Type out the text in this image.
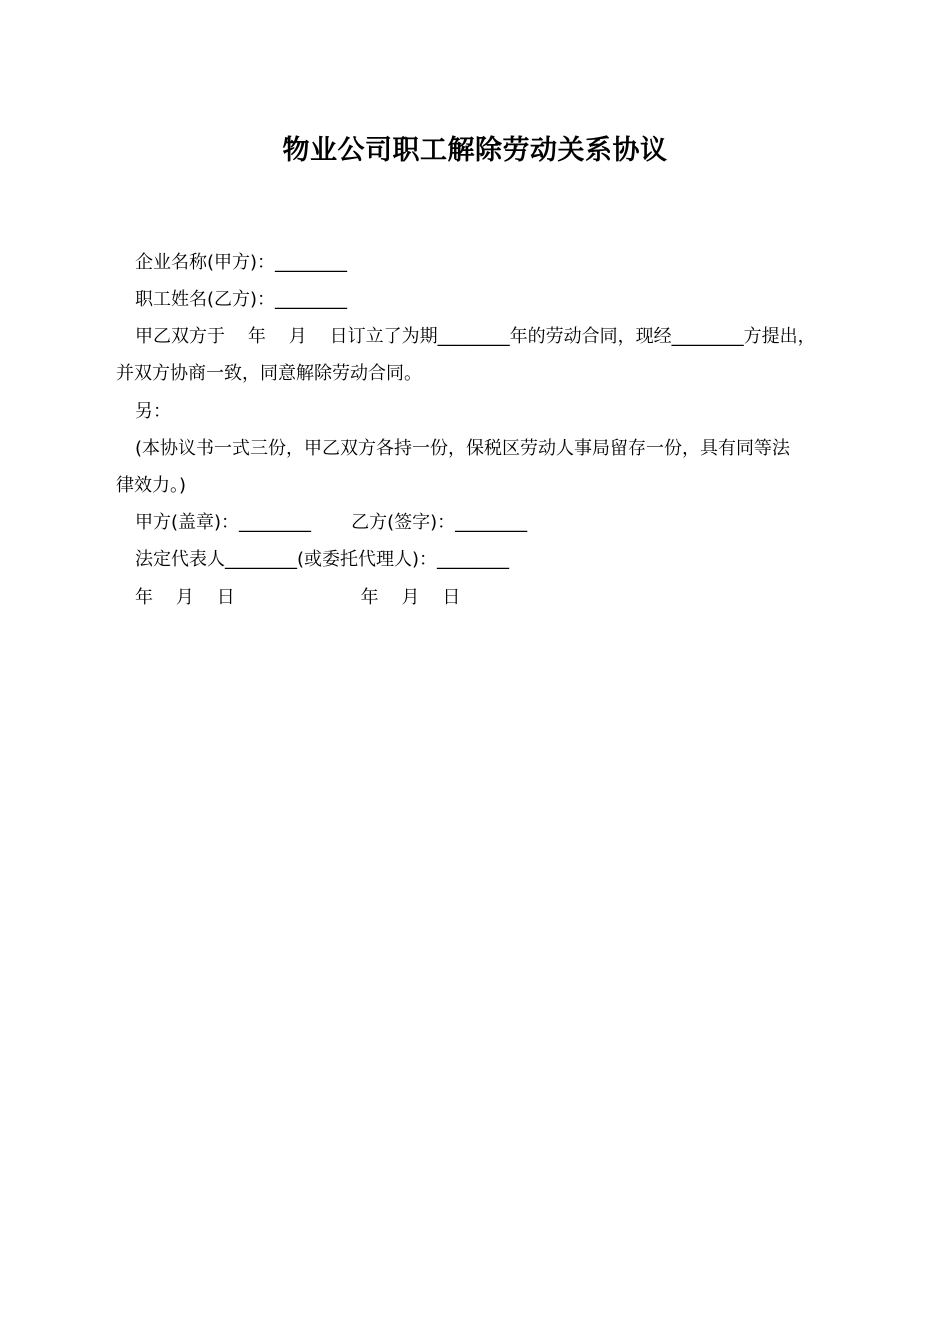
物业公司职工解除劳动关系协议
企业名称(甲方)：________
职工姓名(乙方)：________
甲乙双方于    年    月    日订立了为期________年的劳动合同，现经________方提出，
并双方协商一致，同意解除劳动合同。
另：
(本协议书一式三份，甲乙双方各持一份，保税区劳动人事局留存一份，具有同等法
律效力。)
甲方(盖章)：________       乙方(签字)：________
法定代表人________(或委托代理人)：________
年    月    日                      年    月    日
